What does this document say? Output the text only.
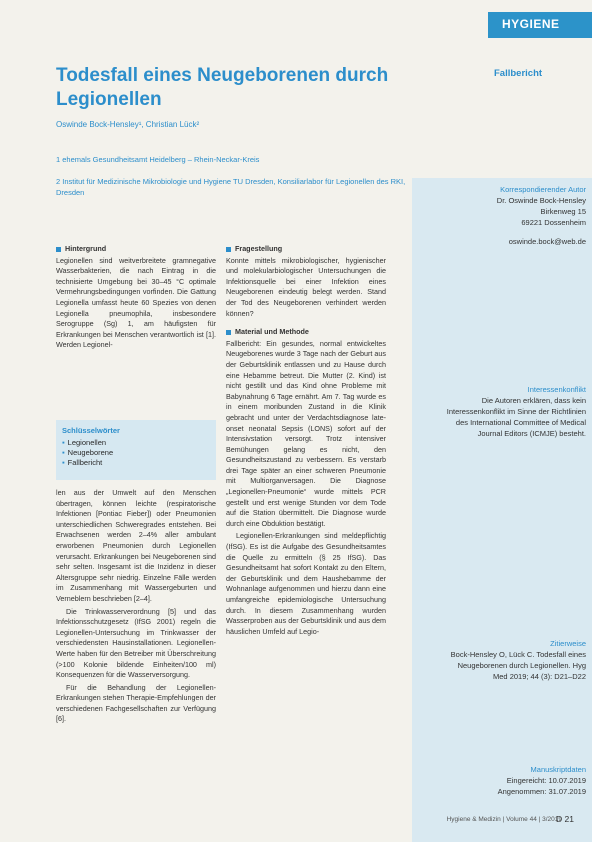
HYGIENE
Fallbericht
Todesfall eines Neugeborenen durch Legionellen
Oswinde Bock-Hensley¹, Christian Lück²
1 ehemals Gesundheitsamt Heidelberg – Rhein-Neckar-Kreis
2 Institut für Medizinische Mikrobiologie und Hygiene TU Dresden, Konsiliarlabor für Legionellen des RKI, Dresden	Korrespondierender Autor
Dr. Oswinde Bock-Hensley
Birkenweg 15
69221 Dossenheim
oswinde.bock@web.de
Interessenkonflikt
Die Autoren erklären, dass kein Interessenkonflikt im Sinne der Richtlinien des International Committee of Medical Journal Editors (ICMJE) besteht.
Zitierweise
Bock-Hensley O, Lück C. Todesfall eines Neugeborenen durch Legionellen. Hyg Med 2019; 44 (3): D21–D22
Manuskriptdaten
Eingereicht: 10.07.2019
Angenommen: 31.07.2019
Hintergrund

Legionellen sind weitverbreitete gramnegative Wasserbakterien, die nach Eintrag in die technisierte Umgebung bei 30–45 °C optimale Vermehrungsbedingungen vorfinden. Die Gattung Legionella umfasst heute 60 Spezies von denen Legionella pneumophila, insbesondere Serogruppe (Sg) 1, am häufigsten für Erkrankungen bei Menschen verantwortlich ist [1]. Werden Legionel-

Schlüsselwörter
▪ Legionellen
▪ Neugeborene
▪ Fallbericht

len aus der Umwelt auf den Menschen übertragen, können leichte (respiratorische Infektionen [Pontiac Fieber]) oder Pneumonien unterschiedlichen Schweregrades entstehen. Bei Erwachsenen werden 2–4% aller ambulant erworbenen Pneumonien durch Legionellen verursacht. Erkrankungen bei Neugeborenen sind sehr selten. Insgesamt ist die Inzidenz in dieser Altersgruppe sehr niedrig. Einzelne Fälle werden im Zusammenhang mit Wassergeburten und Verneblern beschrieben [2–4].

Die Trinkwasserverordnung [5] und das Infektionsschutzgesetz (IfSG 2001) regeln die Legionellen-Untersuchung im Trinkwasser der verschiedensten Hausinstallationen. Legionellen-Werte haben für den Betreiber mit Überschreitung (>100 Kolonie bildende Einheiten/100 ml) Konsequenzen für die Wasserversorgung.

Für die Behandlung der Legionellen-Erkrankungen stehen Therapie-Empfehlungen der verschiedenen Fachgesellschaften zur Verfügung [6].

Fragestellung

Konnte mittels mikrobiologischer, hygienischer und molekularbiologischer Untersuchungen die Infektionsquelle bei einer Infektion eines Neugeborenen eindeutig belegt werden. Stand der Tod des Neugeborenen verhindert werden können?

Material und Methode

Fallbericht: Ein gesundes, normal entwickeltes Neugeborenes wurde 3 Tage nach der Geburt aus der Geburtsklinik entlassen und zu Hause durch eine Hebamme betreut. Die Mutter (2. Kind) ist nicht gestillt und das Kind ohne Probleme mit Babynahrung 6 Tage ernährt. Am 7. Tag wurde es in einem moribunden Zustand in die Klinik gebracht und unter der Verdachtsdiagnose late-onset neonatal Sepsis (LONS) sofort auf der Intensivstation versorgt. Trotz intensiver Bemühungen gelang es nicht, den Gesundheitszustand zu verbessern. Es verstarb drei Tage später an einer schweren Pneumonie mit Multiorganversagen. Die Diagnose „Legionellen-Pneumonie“ wurde mittels PCR gestellt und erst wenige Stunden vor dem Tode auf die Station übermittelt. Die Diagnose wurde durch eine Obduktion bestätigt.

Legionellen-Erkrankungen sind meldepflichtig (IfSG). Es ist die Aufgabe des Gesundheitsamtes die Quelle zu ermitteln (§ 25 IfSG). Das Gesundheitsamt hat sofort Kontakt zu den Eltern, der Geburtsklinik und dem Haushebamme der Wohnanlage aufgenommen und hierzu dann eine umfangreiche epidemiologische Untersuchung durch. In diesem Zusammenhang wurden Wasserproben aus der Geburtsklinik und aus dem häuslichen Umfeld auf Legio-

Hygiene & Medizin | Volume 44 | 3/2019
D 21
